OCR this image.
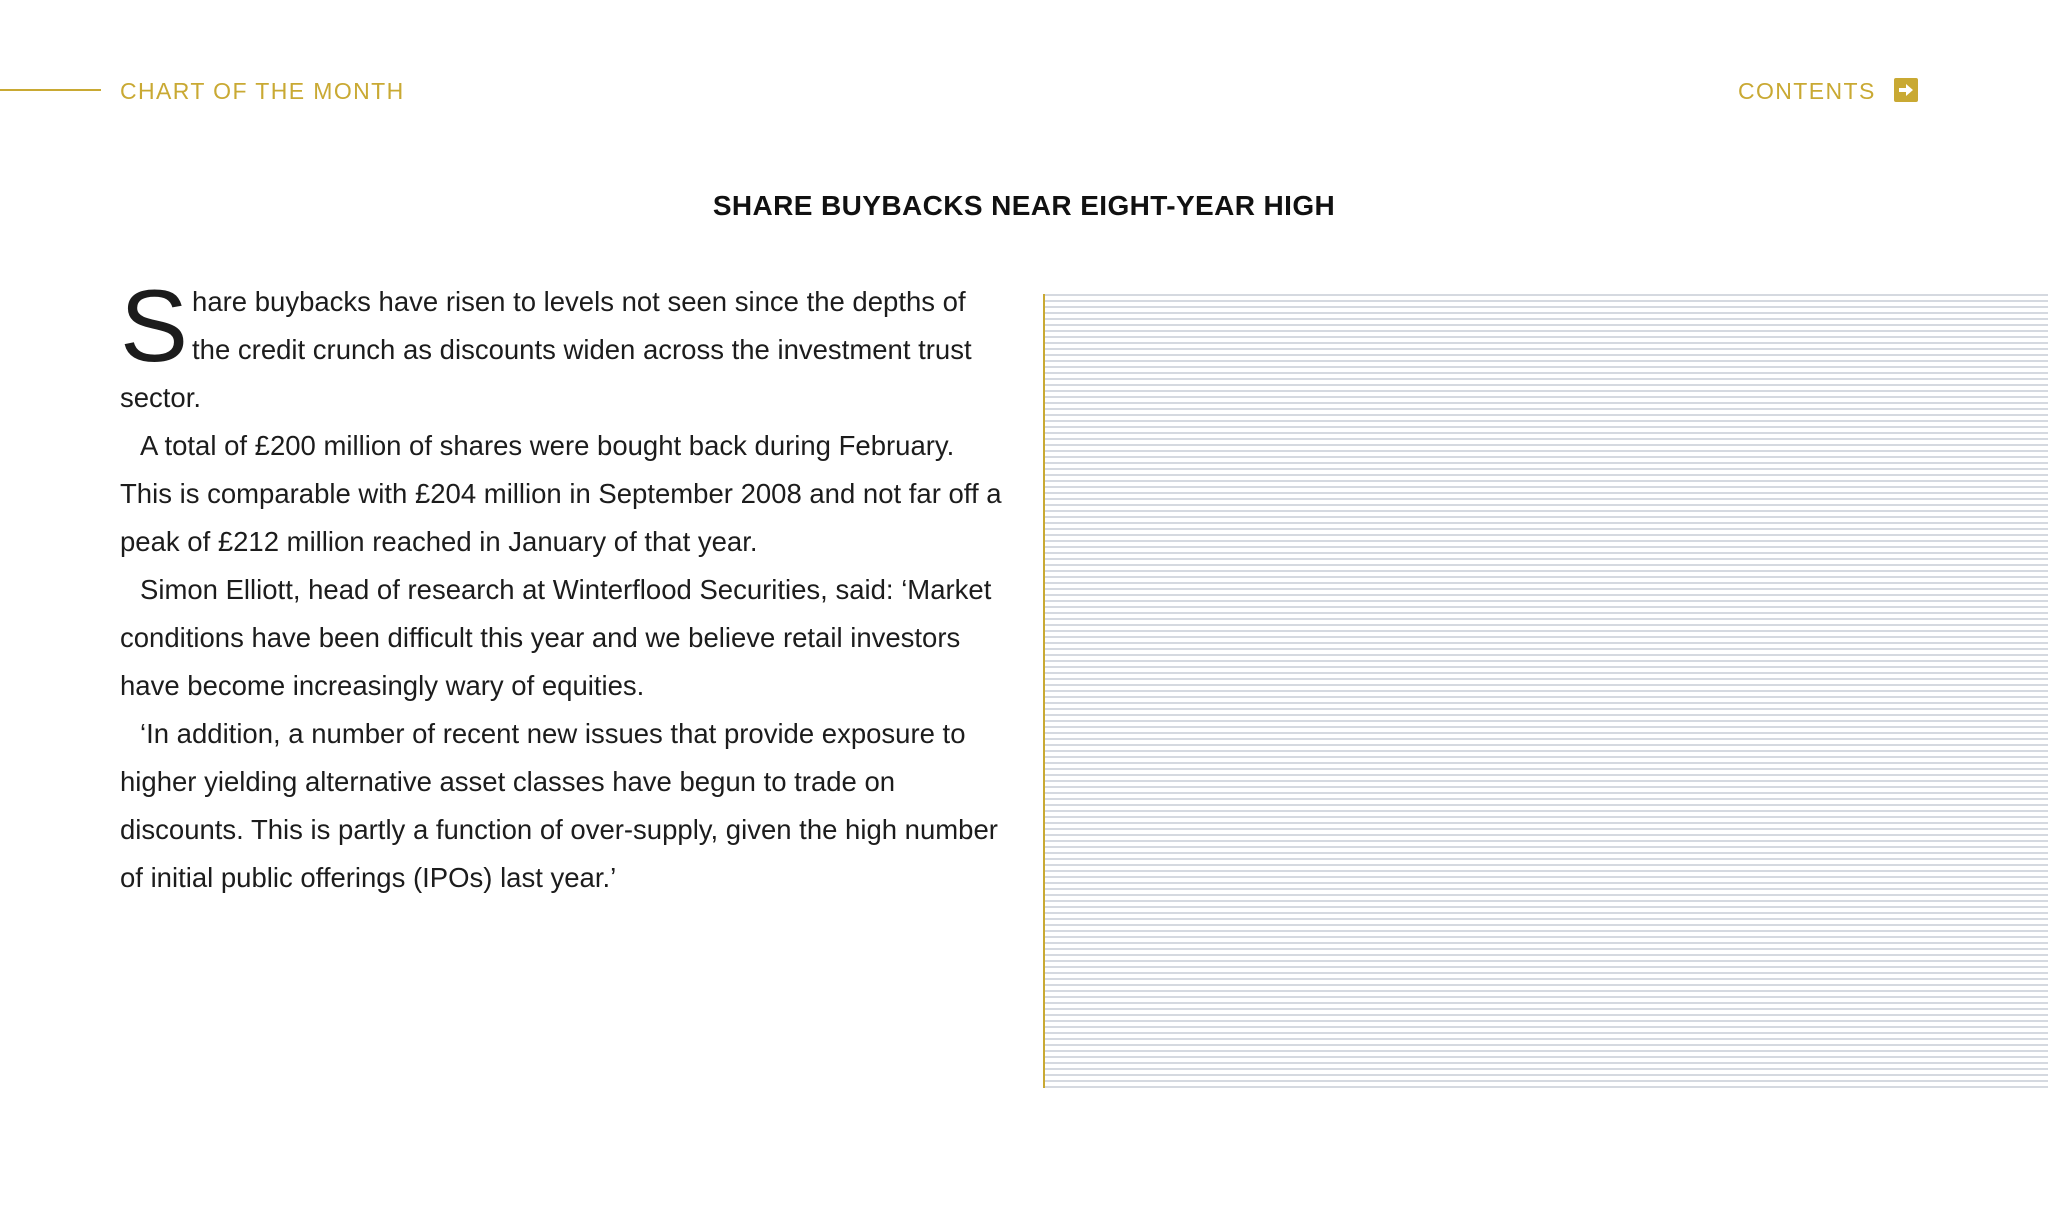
CHART OF THE MONTH	CONTENTS
SHARE BUYBACKS NEAR EIGHT-YEAR HIGH

Share buybacks have risen to levels not seen since the depths of the credit crunch as discounts widen across the investment trust sector.

A total of £200 million of shares were bought back during February. This is comparable with £204 million in September 2008 and not far off a peak of £212 million reached in January of that year.

Simon Elliott, head of research at Winterflood Securities, said: ‘Market conditions have been difficult this year and we believe retail investors have become increasingly wary of equities.

‘In addition, a number of recent new issues that provide exposure to higher yielding alternative asset classes have begun to trade on discounts. This is partly a function of over-supply, given the high number of initial public offerings (IPOs) last year.’
